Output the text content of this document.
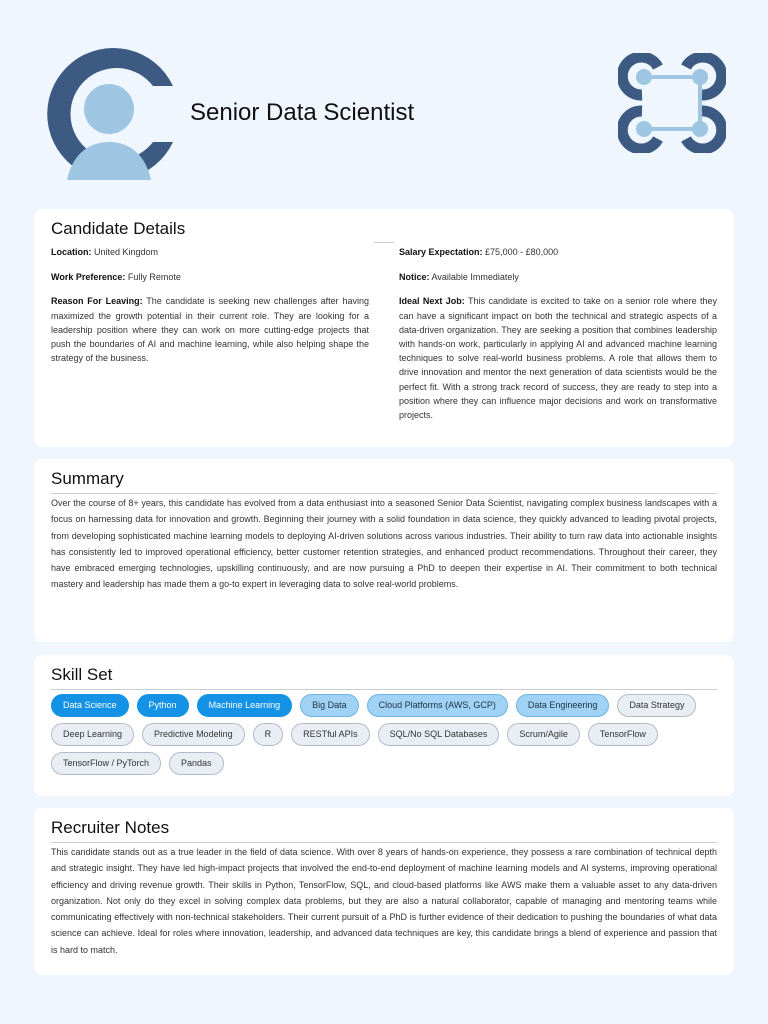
Senior Data Scientist
Candidate Details

Location: United Kingdom

Work Preference: Fully Remote

Reason For Leaving: The candidate is seeking new challenges after having maximized the growth potential in their current role. They are looking for a leadership position where they can work on more cutting-edge projects that push the boundaries of AI and machine learning, while also helping shape the strategy of the business.

Salary Expectation: £75,000 - £80,000

Notice: Available Immediately

Ideal Next Job: This candidate is excited to take on a senior role where they can have a significant impact on both the technical and strategic aspects of a data-driven organization. They are seeking a position that combines leadership with hands-on work, particularly in applying AI and advanced machine learning techniques to solve real-world business problems. A role that allows them to drive innovation and mentor the next generation of data scientists would be the perfect fit. With a strong track record of success, they are ready to step into a position where they can influence major decisions and work on transformative projects.

Summary

Over the course of 8+ years, this candidate has evolved from a data enthusiast into a seasoned Senior Data Scientist, navigating complex business landscapes with a focus on harnessing data for innovation and growth. Beginning their journey with a solid foundation in data science, they quickly advanced to leading pivotal projects, from developing sophisticated machine learning models to deploying AI-driven solutions across various industries. Their ability to turn raw data into actionable insights has consistently led to improved operational efficiency, better customer retention strategies, and enhanced product recommendations. Throughout their career, they have embraced emerging technologies, upskilling continuously, and are now pursuing a PhD to deepen their expertise in AI. Their commitment to both technical mastery and leadership has made them a go-to expert in leveraging data to solve real-world problems.

Skill Set
Data Science	Python	Machine Learning	Big Data	Cloud Platforms (AWS, GCP)	Data Engineering	Data Strategy
Deep Learning	Predictive Modeling	R	RESTful APIs	SQL/No SQL Databases	Scrum/Agile	TensorFlow
TensorFlow / PyTorch	Pandas
Recruiter Notes

This candidate stands out as a true leader in the field of data science. With over 8 years of hands-on experience, they possess a rare combination of technical depth and strategic insight. They have led high-impact projects that involved the end-to-end deployment of machine learning models and AI systems, improving operational efficiency and driving revenue growth. Their skills in Python, TensorFlow, SQL, and cloud-based platforms like AWS make them a valuable asset to any data-driven organization. Not only do they excel in solving complex data problems, but they are also a natural collaborator, capable of managing and mentoring teams while communicating effectively with non-technical stakeholders. Their current pursuit of a PhD is further evidence of their dedication to pushing the boundaries of what data science can achieve. Ideal for roles where innovation, leadership, and advanced data techniques are key, this candidate brings a blend of experience and passion that is hard to match.
